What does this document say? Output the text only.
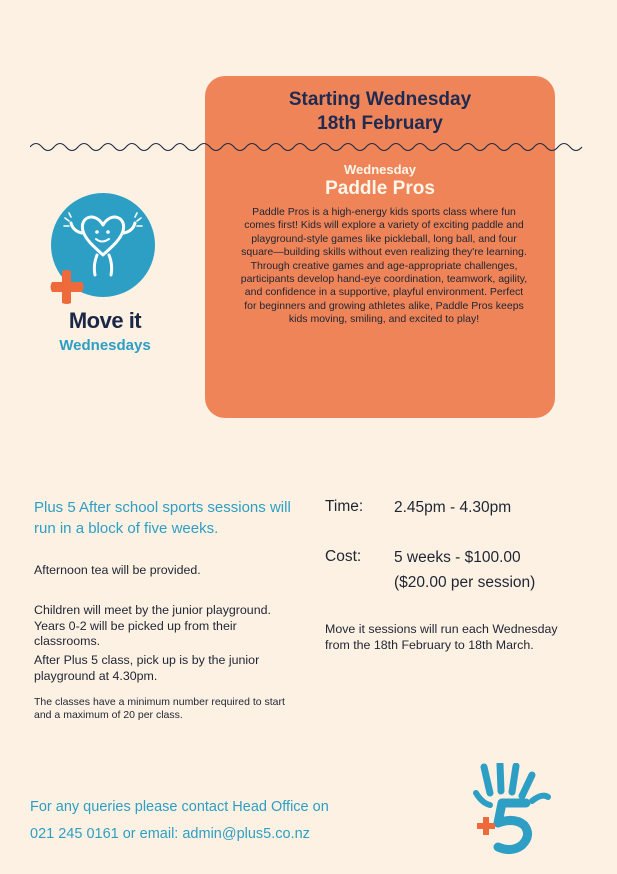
Starting Wednesday
18th February
Wednesday
Paddle Pros
Paddle Pros is a high-energy kids sports class where fun comes first! Kids will explore a variety of exciting paddle and playground-style games like pickleball, long ball, and four square—building skills without even realizing they're learning. Through creative games and age-appropriate challenges, participants develop hand-eye coordination, teamwork, agility, and confidence in a supportive, playful environment. Perfect for beginners and growing athletes alike, Paddle Pros keeps kids moving, smiling, and excited to play!
Move it
Wednesdays
Plus 5 After school sports sessions will run in a block of five weeks.
Afternoon tea will be provided.
Children will meet by the junior playground. Years 0-2 will be picked up from their classrooms.
After Plus 5 class, pick up is by the junior playground at 4.30pm.
The classes have a minimum number required to start and a maximum of 20 per class.
Time: 2.45pm - 4.30pm
Cost: 5 weeks - $100.00
($20.00 per session)
Move it sessions will run each Wednesday from the 18th February to 18th March.
For any queries please contact Head Office on
021 245 0161 or email: admin@plus5.co.nz
